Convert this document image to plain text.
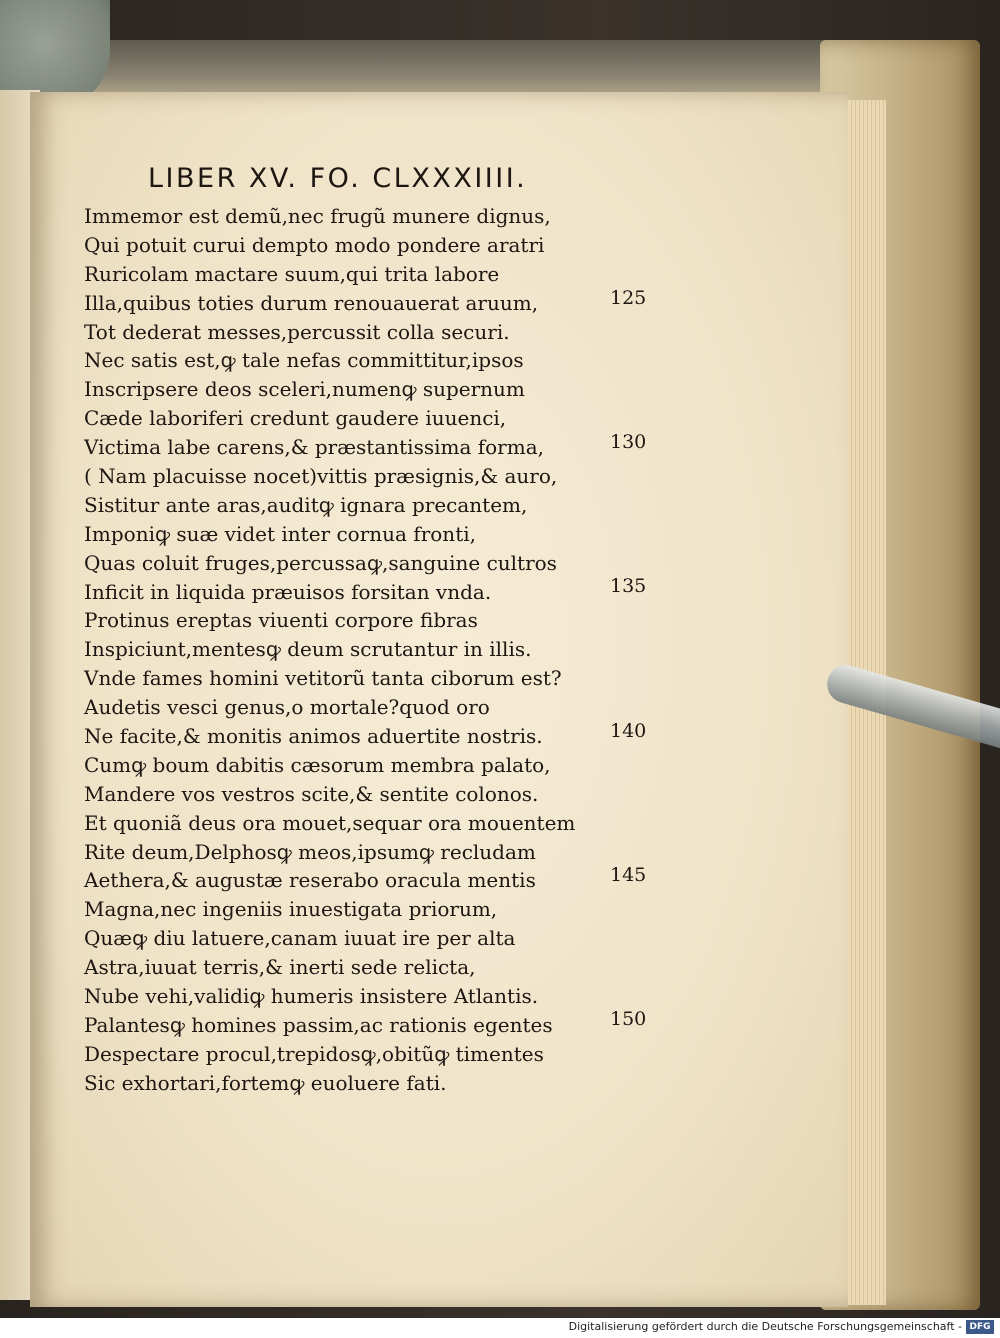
LIBER XV. FO. CLXXXIIII.
Immemor est demũ,nec frugũ munere dignus,
Qui potuit curui dempto modo pondere aratri
Ruricolam mactare suum,qui trita labore
Illa,quibus toties durum renouauerat aruum,
Tot dederat messes,percussit colla securi.
Nec satis est,ꝙ tale nefas committitur,ipsos
Inscripsere deos sceleri,numenꝙ supernum
Cæde laboriferi credunt gaudere iuuenci,
Victima labe carens,& præstantissima forma,
( Nam placuisse nocet)vittis præsignis,& auro,
Sistitur ante aras,auditꝙ ignara precantem,
Imponiꝙ suæ videt inter cornua fronti,
Quas coluit fruges,percussaꝙ,sanguine cultros
Inficit in liquida præuisos forsitan vnda.
Protinus ereptas viuenti corpore fibras
Inspiciunt,mentesꝙ deum scrutantur in illis.
Vnde fames homini vetitorũ tanta ciborum est?
Audetis vesci genus,o mortale?quod oro
Ne facite,& monitis animos aduertite nostris.
Cumꝙ boum dabitis cæsorum membra palato,
Mandere vos vestros scite,& sentite colonos.
Et quoniã deus ora mouet,sequar ora mouentem
Rite deum,Delphosꝙ meos,ipsumꝙ recludam
Aethera,& augustæ reserabo oracula mentis
Magna,nec ingeniis inuestigata priorum,
Quæꝙ diu latuere,canam iuuat ire per alta
Astra,iuuat terris,& inerti sede relicta,
Nube vehi,validiꝙ humeris insistere Atlantis.
Palantesꝙ homines passim,ac rationis egentes
Despectare procul,trepidosꝙ,obitũꝙ timentes
Sic exhortari,fortemꝙ euoluere fati.
125
130
135
140
145
150
Digitalisierung gefördert durch die Deutsche Forschungsgemeinschaft - DFG
